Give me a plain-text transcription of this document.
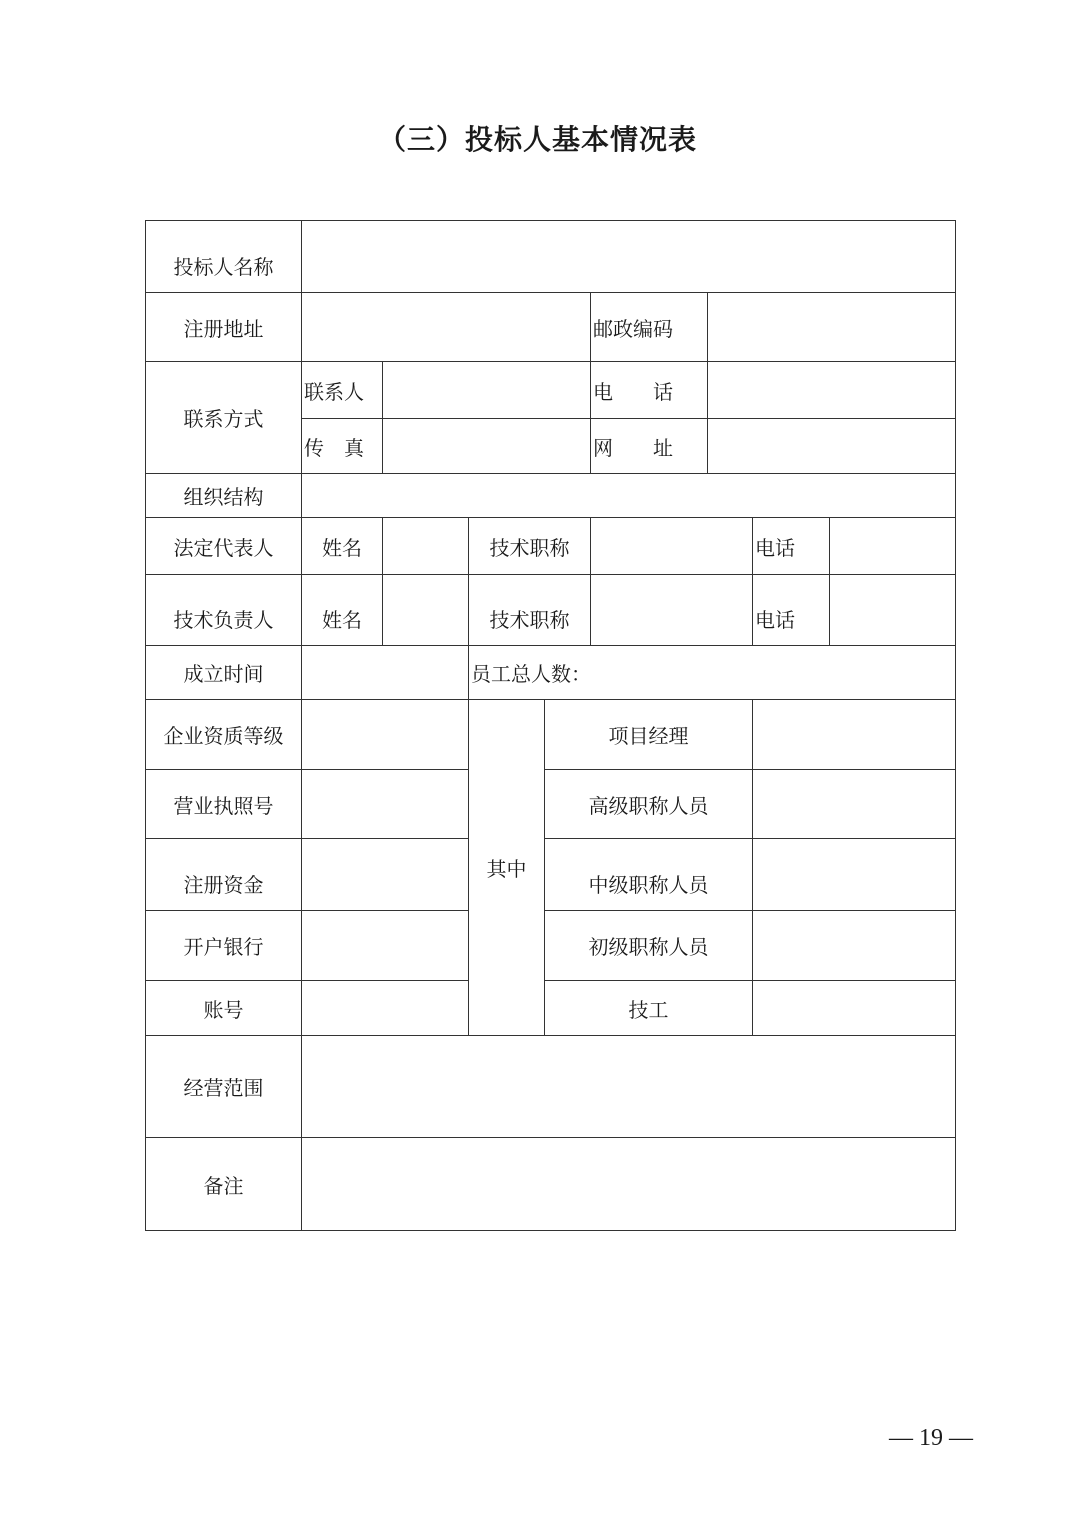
（三）投标人基本情况表
投标人名称								
注册地址					邮政编码			
联系方式	联系人				电　　话			
	传　真				网　　址			
组织结构								
法定代表人	姓名		技术职称				电话	
技术负责人	姓名		技术职称				电话	
成立时间			员工总人数：					
企业资质等级			其中	项目经理				
营业执照号				高级职称人员				
注册资金				中级职称人员				
开户银行				初级职称人员				
账号				技工				
经营范围								
备注								
— 19 —
